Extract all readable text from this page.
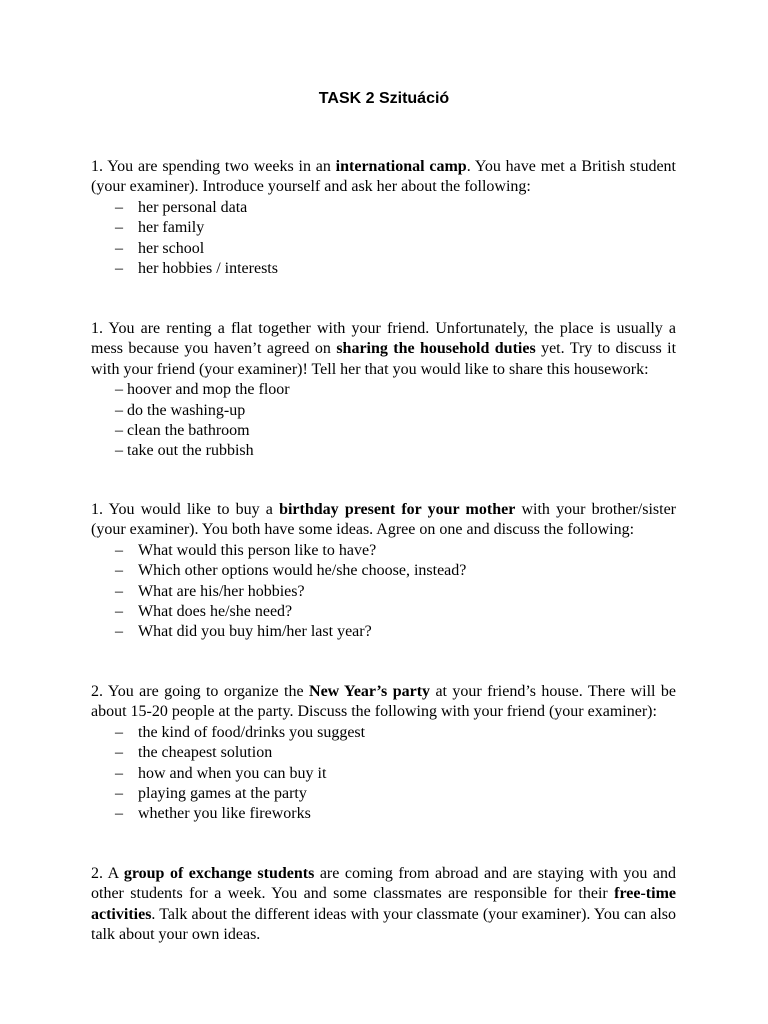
TASK 2 Szituáció

1. You are spending two weeks in an international camp. You have met a British student (your examiner). Introduce yourself and ask her about the following:

– her personal data
– her family
– her school
– her hobbies / interests

1. You are renting a flat together with your friend. Unfortunately, the place is usually a mess because you haven’t agreed on sharing the household duties yet. Try to discuss it with your friend (your examiner)! Tell her that you would like to share this housework:

– hoover and mop the floor
– do the washing-up
– clean the bathroom
– take out the rubbish

1. You would like to buy a birthday present for your mother with your brother/sister (your examiner). You both have some ideas. Agree on one and discuss the following:

– What would this person like to have?
– Which other options would he/she choose, instead?
– What are his/her hobbies?
– What does he/she need?
– What did you buy him/her last year?

2. You are going to organize the New Year’s party at your friend’s house. There will be about 15-20 people at the party. Discuss the following with your friend (your examiner):

– the kind of food/drinks you suggest
– the cheapest solution
– how and when you can buy it
– playing games at the party
– whether you like fireworks

2. A group of exchange students are coming from abroad and are staying with you and other students for a week. You and some classmates are responsible for their free-time activities. Talk about the different ideas with your classmate (your examiner). You can also talk about your own ideas.
